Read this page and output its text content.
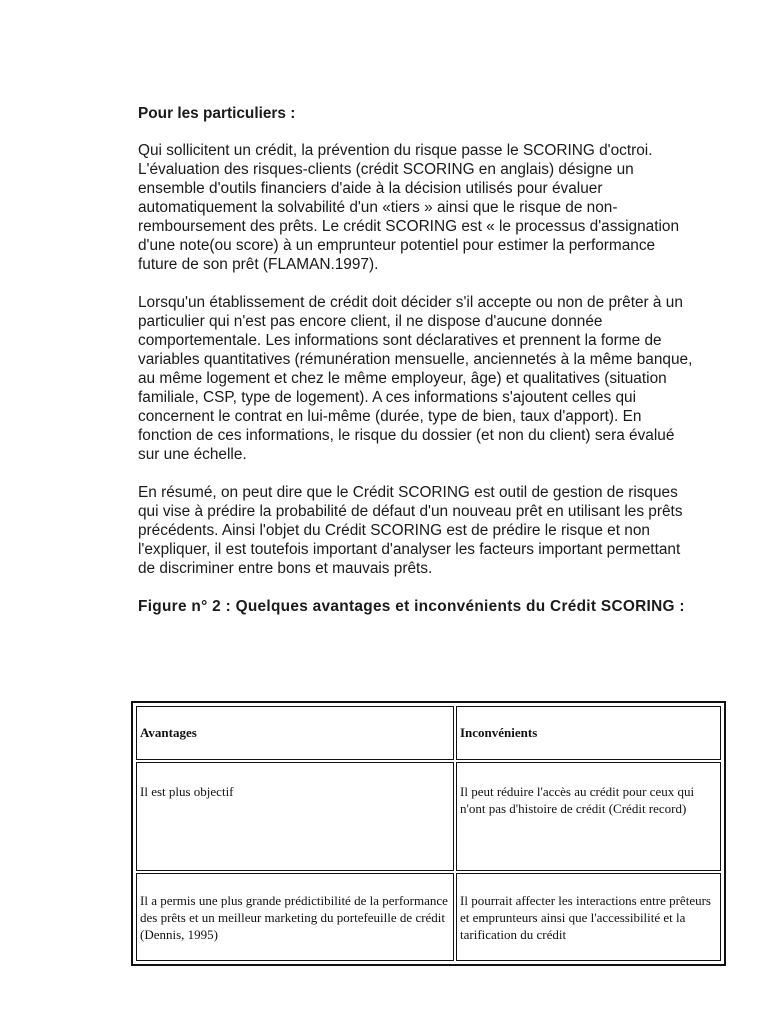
Pour les particuliers :

Qui sollicitent un crédit, la prévention du risque passe le SCORING d'octroi. L'évaluation des risques-clients (crédit SCORING en anglais) désigne un ensemble d'outils financiers d'aide à la décision utilisés pour évaluer automatiquement la solvabilité d'un «tiers » ainsi que le risque de non-remboursement des prêts. Le crédit SCORING est « le processus d'assignation d'une note(ou score) à un emprunteur potentiel pour estimer la performance future de son prêt (FLAMAN.1997).

Lorsqu'un établissement de crédit doit décider s'il accepte ou non de prêter à un particulier qui n'est pas encore client, il ne dispose d'aucune donnée comportementale. Les informations sont déclaratives et prennent la forme de variables quantitatives (rémunération mensuelle, anciennetés à la même banque, au même logement et chez le même employeur, âge) et qualitatives (situation familiale, CSP, type de logement). A ces informations s'ajoutent celles qui concernent le contrat en lui-même (durée, type de bien, taux d'apport). En fonction de ces informations, le risque du dossier (et non du client) sera évalué sur une échelle.

En résumé, on peut dire que le Crédit SCORING est outil de gestion de risques qui vise à prédire la probabilité de défaut d'un nouveau prêt en utilisant les prêts précédents. Ainsi l'objet du Crédit SCORING est de prédire le risque et non l'expliquer, il est toutefois important d'analyser les facteurs important permettant de discriminer entre bons et mauvais prêts.

Figure n° 2 : Quelques avantages et inconvénients du Crédit SCORING :
Avantages	Inconvénients
Il est plus objectif	Il peut réduire l'accès au crédit pour ceux qui n'ont pas d'histoire de crédit (Crédit record)
Il a permis une plus grande prédictibilité de la performance des prêts et un meilleur marketing du portefeuille de crédit (Dennis, 1995)	Il pourrait affecter les interactions entre prêteurs et emprunteurs ainsi que l'accessibilité et la tarification du crédit
